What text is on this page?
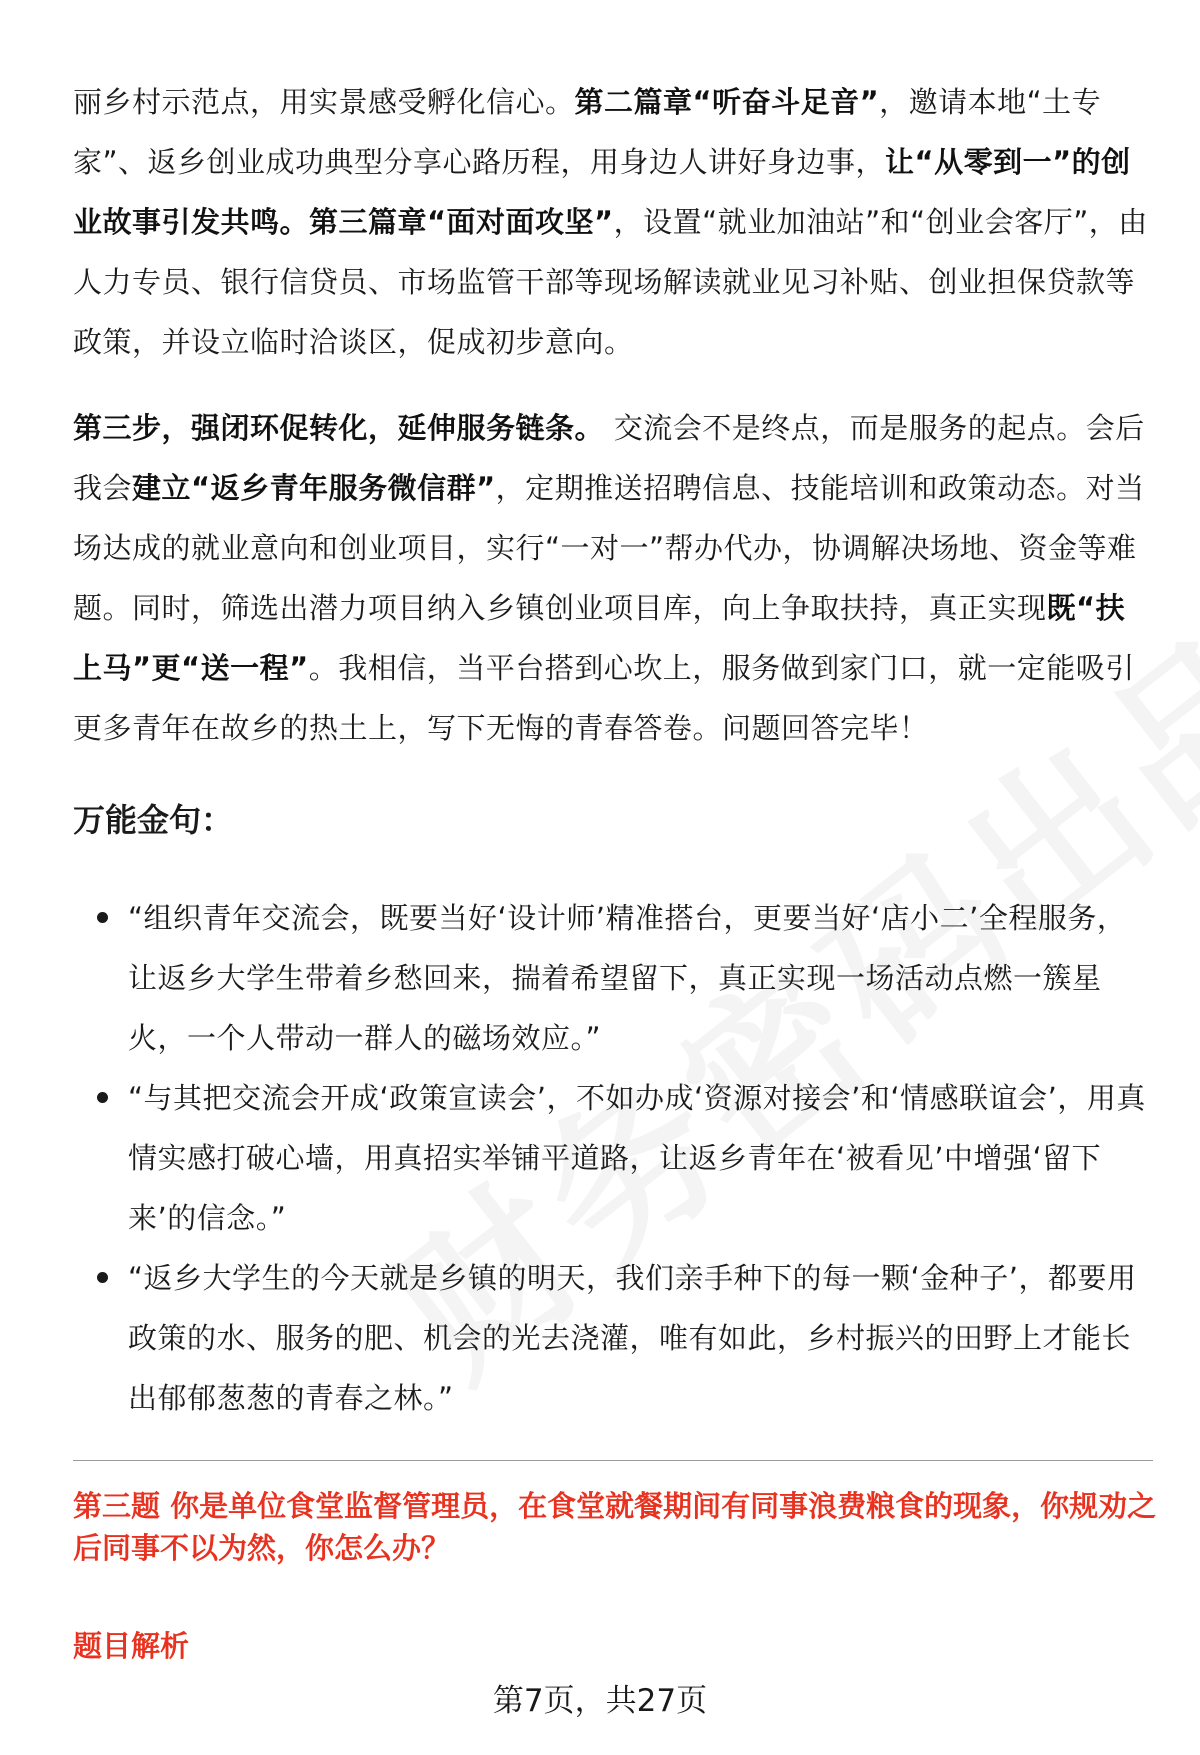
丽乡村示范点，用实景感受孵化信心。第二篇章“听奋斗足音”，邀请本地“土专家”、返乡创业成功典型分享心路历程，用身边人讲好身边事，让“从零到一”的创业故事引发共鸣。第三篇章“面对面攻坚”，设置“就业加油站”和“创业会客厅”，由人力专员、银行信贷员、市场监管干部等现场解读就业见习补贴、创业担保贷款等政策，并设立临时洽谈区，促成初步意向。
第三步，强闭环促转化，延伸服务链条。 交流会不是终点，而是服务的起点。会后我会建立“返乡青年服务微信群”，定期推送招聘信息、技能培训和政策动态。对当场达成的就业意向和创业项目，实行“一对一”帮办代办，协调解决场地、资金等难题。同时，筛选出潜力项目纳入乡镇创业项目库，向上争取扶持，真正实现既“扶上马”更“送一程”。我相信，当平台搭到心坎上，服务做到家门口，就一定能吸引更多青年在故乡的热土上，写下无悔的青春答卷。问题回答完毕！
万能金句：
“组织青年交流会，既要当好‘设计师’精准搭台，更要当好‘店小二’全程服务，让返乡大学生带着乡愁回来，揣着希望留下，真正实现一场活动点燃一簇星火，一个人带动一群人的磁场效应。”
“与其把交流会开成‘政策宣读会’，不如办成‘资源对接会’和‘情感联谊会’，用真情实感打破心墙，用真招实举铺平道路，让返乡青年在‘被看见’中增强‘留下来’的信念。”
“返乡大学生的今天就是乡镇的明天，我们亲手种下的每一颗‘金种子’，都要用政策的水、服务的肥、机会的光去浇灌，唯有如此，乡村振兴的田野上才能长出郁郁葱葱的青春之林。”
第三题 你是单位食堂监督管理员，在食堂就餐期间有同事浪费粮食的现象，你规劝之后同事不以为然，你怎么办？
题目解析
第7页，共27页
